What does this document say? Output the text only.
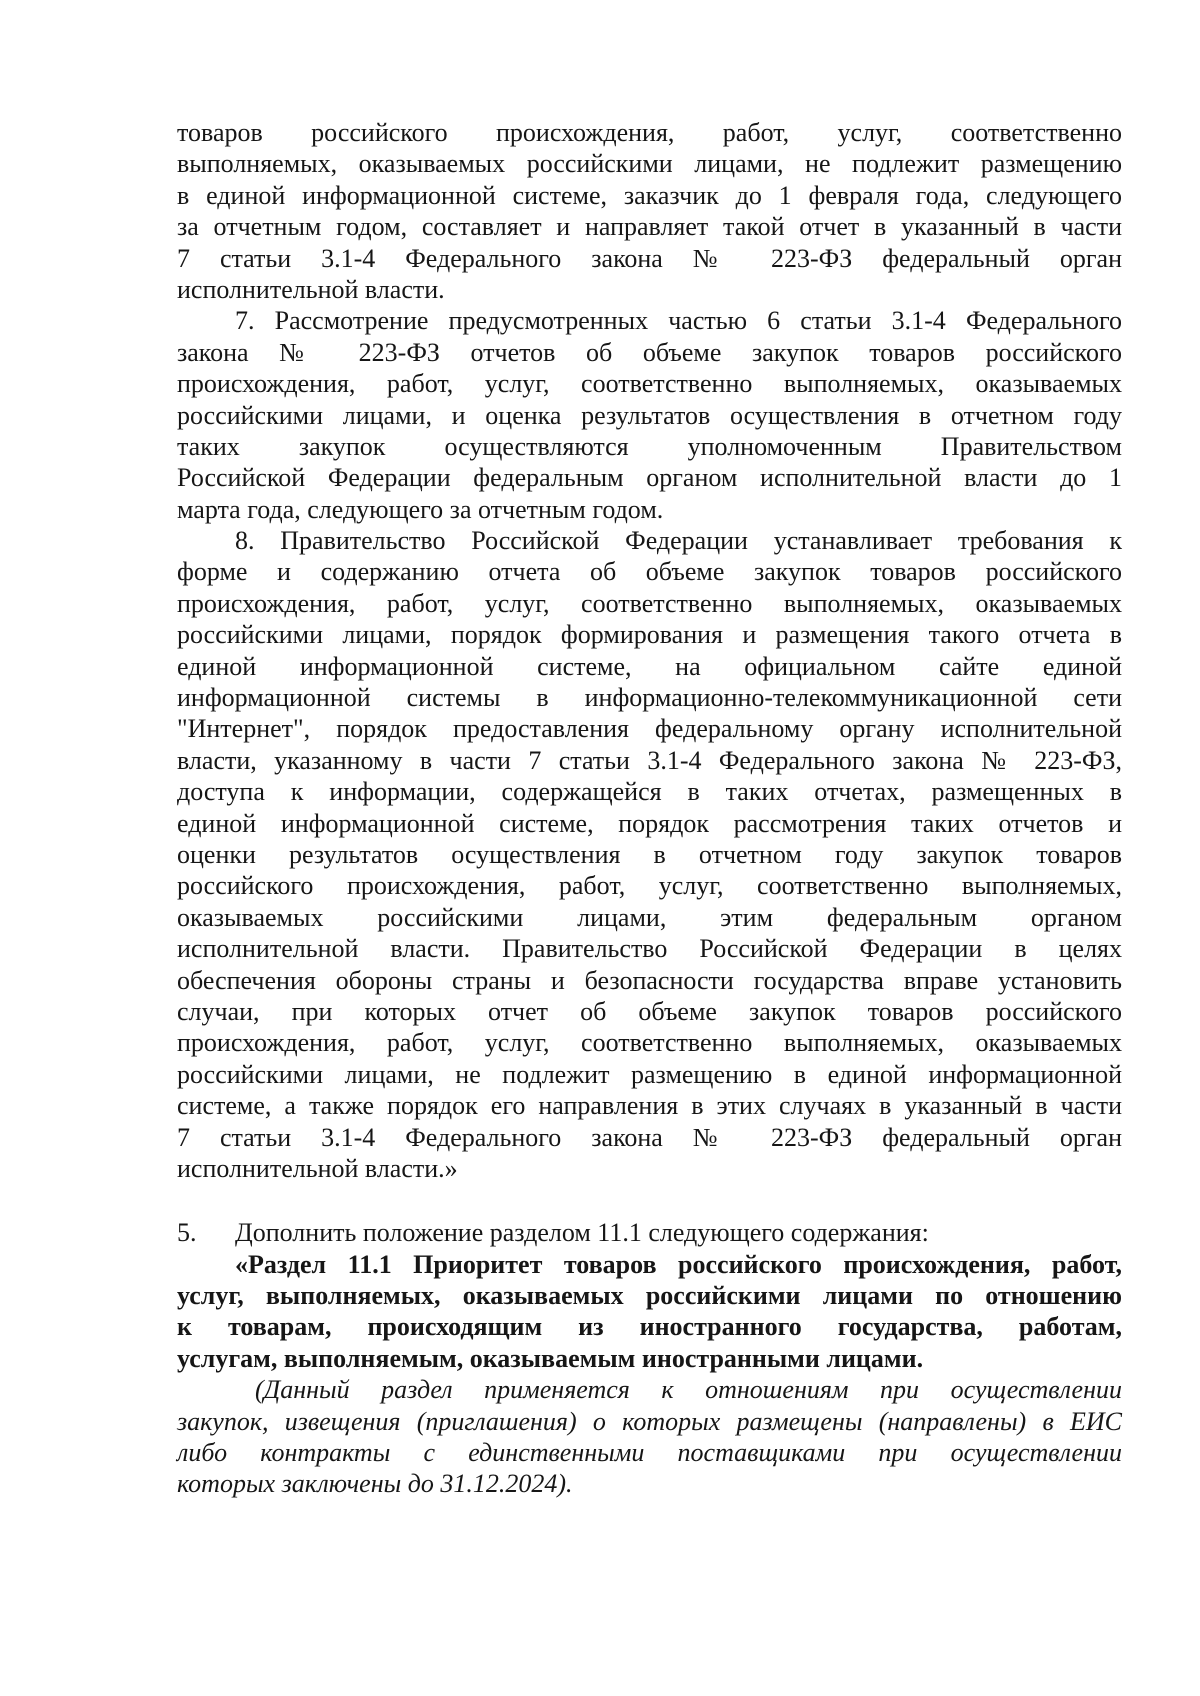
товаров российского происхождения, работ, услуг, соответственно
выполняемых, оказываемых российскими лицами, не подлежит размещению
в единой информационной системе, заказчик до 1 февраля года, следующего
за отчетным годом, составляет и направляет такой отчет в указанный в части
7 статьи 3.1-4 Федерального закона № 223-ФЗ федеральный орган
исполнительной власти.
7. Рассмотрение предусмотренных частью 6 статьи 3.1-4 Федерального
закона № 223-ФЗ отчетов об объеме закупок товаров российского
происхождения, работ, услуг, соответственно выполняемых, оказываемых
российскими лицами, и оценка результатов осуществления в отчетном году
таких закупок осуществляются уполномоченным Правительством
Российской Федерации федеральным органом исполнительной власти до 1
марта года, следующего за отчетным годом.
8. Правительство Российской Федерации устанавливает требования к
форме и содержанию отчета об объеме закупок товаров российского
происхождения, работ, услуг, соответственно выполняемых, оказываемых
российскими лицами, порядок формирования и размещения такого отчета в
единой информационной системе, на официальном сайте единой
информационной системы в информационно-телекоммуникационной сети
"Интернет", порядок предоставления федеральному органу исполнительной
власти, указанному в части 7 статьи 3.1-4 Федерального закона № 223-ФЗ,
доступа к информации, содержащейся в таких отчетах, размещенных в
единой информационной системе, порядок рассмотрения таких отчетов и
оценки результатов осуществления в отчетном году закупок товаров
российского происхождения, работ, услуг, соответственно выполняемых,
оказываемых российскими лицами, этим федеральным органом
исполнительной власти. Правительство Российской Федерации в целях
обеспечения обороны страны и безопасности государства вправе установить
случаи, при которых отчет об объеме закупок товаров российского
происхождения, работ, услуг, соответственно выполняемых, оказываемых
российскими лицами, не подлежит размещению в единой информационной
системе, а также порядок его направления в этих случаях в указанный в части
7 статьи 3.1-4 Федерального закона № 223-ФЗ федеральный орган
исполнительной власти.»
5.	Дополнить положение разделом 11.1 следующего содержания:
«Раздел 11.1 Приоритет товаров российского происхождения, работ,
услуг, выполняемых, оказываемых российскими лицами по отношению
к товарам, происходящим из иностранного государства, работам,
услугам, выполняемым, оказываемым иностранными лицами.
(Данный раздел применяется к отношениям при осуществлении
закупок, извещения (приглашения) о которых размещены (направлены) в ЕИС
либо контракты с единственными поставщиками при осуществлении
которых заключены до 31.12.2024).
